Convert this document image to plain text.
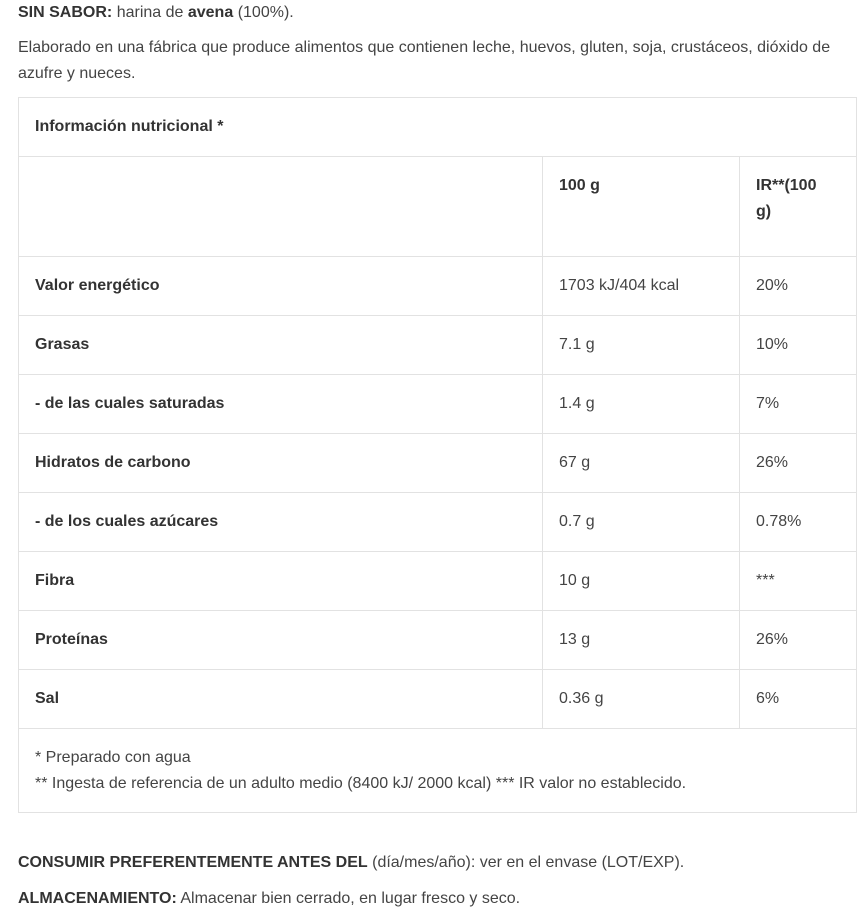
SIN SABOR: harina de avena (100%).
Elaborado en una fábrica que produce alimentos que contienen leche, huevos, gluten, soja, crustáceos, dióxido de
azufre y nueces.
Información nutricional *		
	100 g	IR**(100
g)
Valor energético	1703 kJ/404 kcal	20%
Grasas	7.1 g	10%
- de las cuales saturadas	1.4 g	7%
Hidratos de carbono	67 g	26%
- de los cuales azúcares	0.7 g	0.78%
Fibra	10 g	***
Proteínas	13 g	26%
Sal	0.36 g	6%

* Preparado con agua
** Ingesta de referencia de un adulto medio (8400 kJ/ 2000 kcal) *** IR valor no establecido.		
CONSUMIR PREFERENTEMENTE ANTES DEL (día/mes/año): ver en el envase (LOT/EXP).
ALMACENAMIENTO: Almacenar bien cerrado, en lugar fresco y seco.
